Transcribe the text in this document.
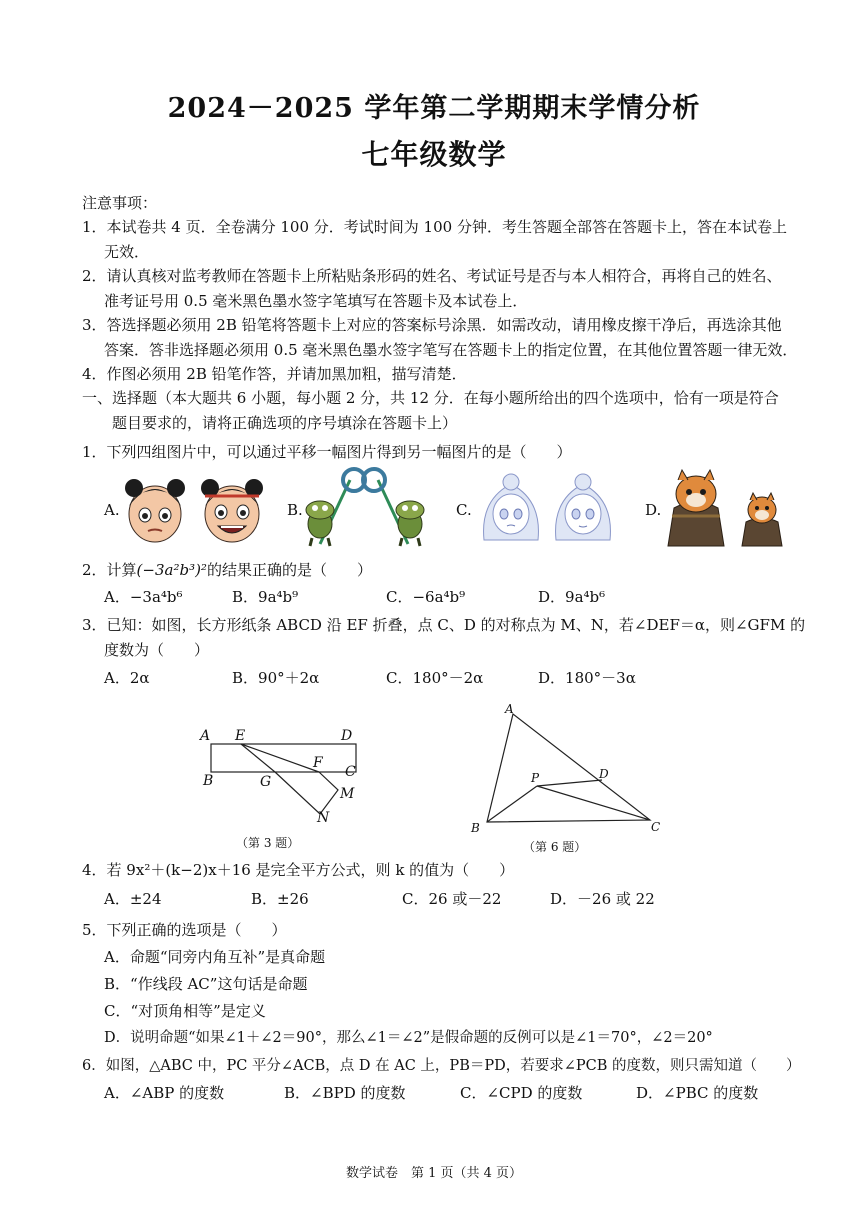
2024－2025 学年第二学期期末学情分析
七年级数学
注意事项：
1．本试卷共 4 页．全卷满分 100 分．考试时间为 100 分钟．考生答题全部答在答题卡上，答在本试卷上
无效．
2．请认真核对监考教师在答题卡上所粘贴条形码的姓名、考试证号是否与本人相符合，再将自己的姓名、
准考证号用 0.5 毫米黑色墨水签字笔填写在答题卡及本试卷上．
3．答选择题必须用 2B 铅笔将答题卡上对应的答案标号涂黑．如需改动，请用橡皮擦干净后，再选涂其他
答案．答非选择题必须用 0.5 毫米黑色墨水签字笔写在答题卡上的指定位置，在其他位置答题一律无效．
4．作图必须用 2B 铅笔作答，并请加黑加粗，描写清楚．
一、选择题（本大题共 6 小题，每小题 2 分，共 12 分．在每小题所给出的四个选项中，恰有一项是符合
题目要求的，请将正确选项的序号填涂在答题卡上）
1．下列四组图片中，可以通过平移一幅图片得到另一幅图片的是（　　）
A.	B.	C.	D.
2．计算(−3a²b³)²的结果正确的是（　　）
A．−3a⁴b⁶	B．9a⁴b⁹	C．−6a⁴b⁹	D．9a⁴b⁶
3．已知：如图，长方形纸条 ABCD 沿 EF 折叠，点 C、D 的对称点为 M、N，若∠DEF＝α，则∠GFM 的
度数为（　　）
A．2α	B．90°＋2α	C．180°－2α	D．180°－3α
A E	D
B	G
F
C
M
N
（第 3 题）
A
P	D
B	C
（第 6 题）
4．若 9x²＋(k−2)x＋16 是完全平方公式，则 k 的值为（　　）
A．±24	B．±26	C．26 或－22	D．－26 或 22
5．下列正确的选项是（　　）
A．命题“同旁内角互补”是真命题
B．“作线段 AC”这句话是命题
C．“对顶角相等”是定义
D．说明命题“如果∠1＋∠2＝90°，那么∠1＝∠2”是假命题的反例可以是∠1＝70°，∠2＝20°
6．如图，△ABC 中，PC 平分∠ACB，点 D 在 AC 上，PB＝PD，若要求∠PCB 的度数，则只需知道（　　）
A．∠ABP 的度数	B．∠BPD 的度数	C．∠CPD 的度数	D．∠PBC 的度数
数学试卷　第 1 页（共 4 页）
